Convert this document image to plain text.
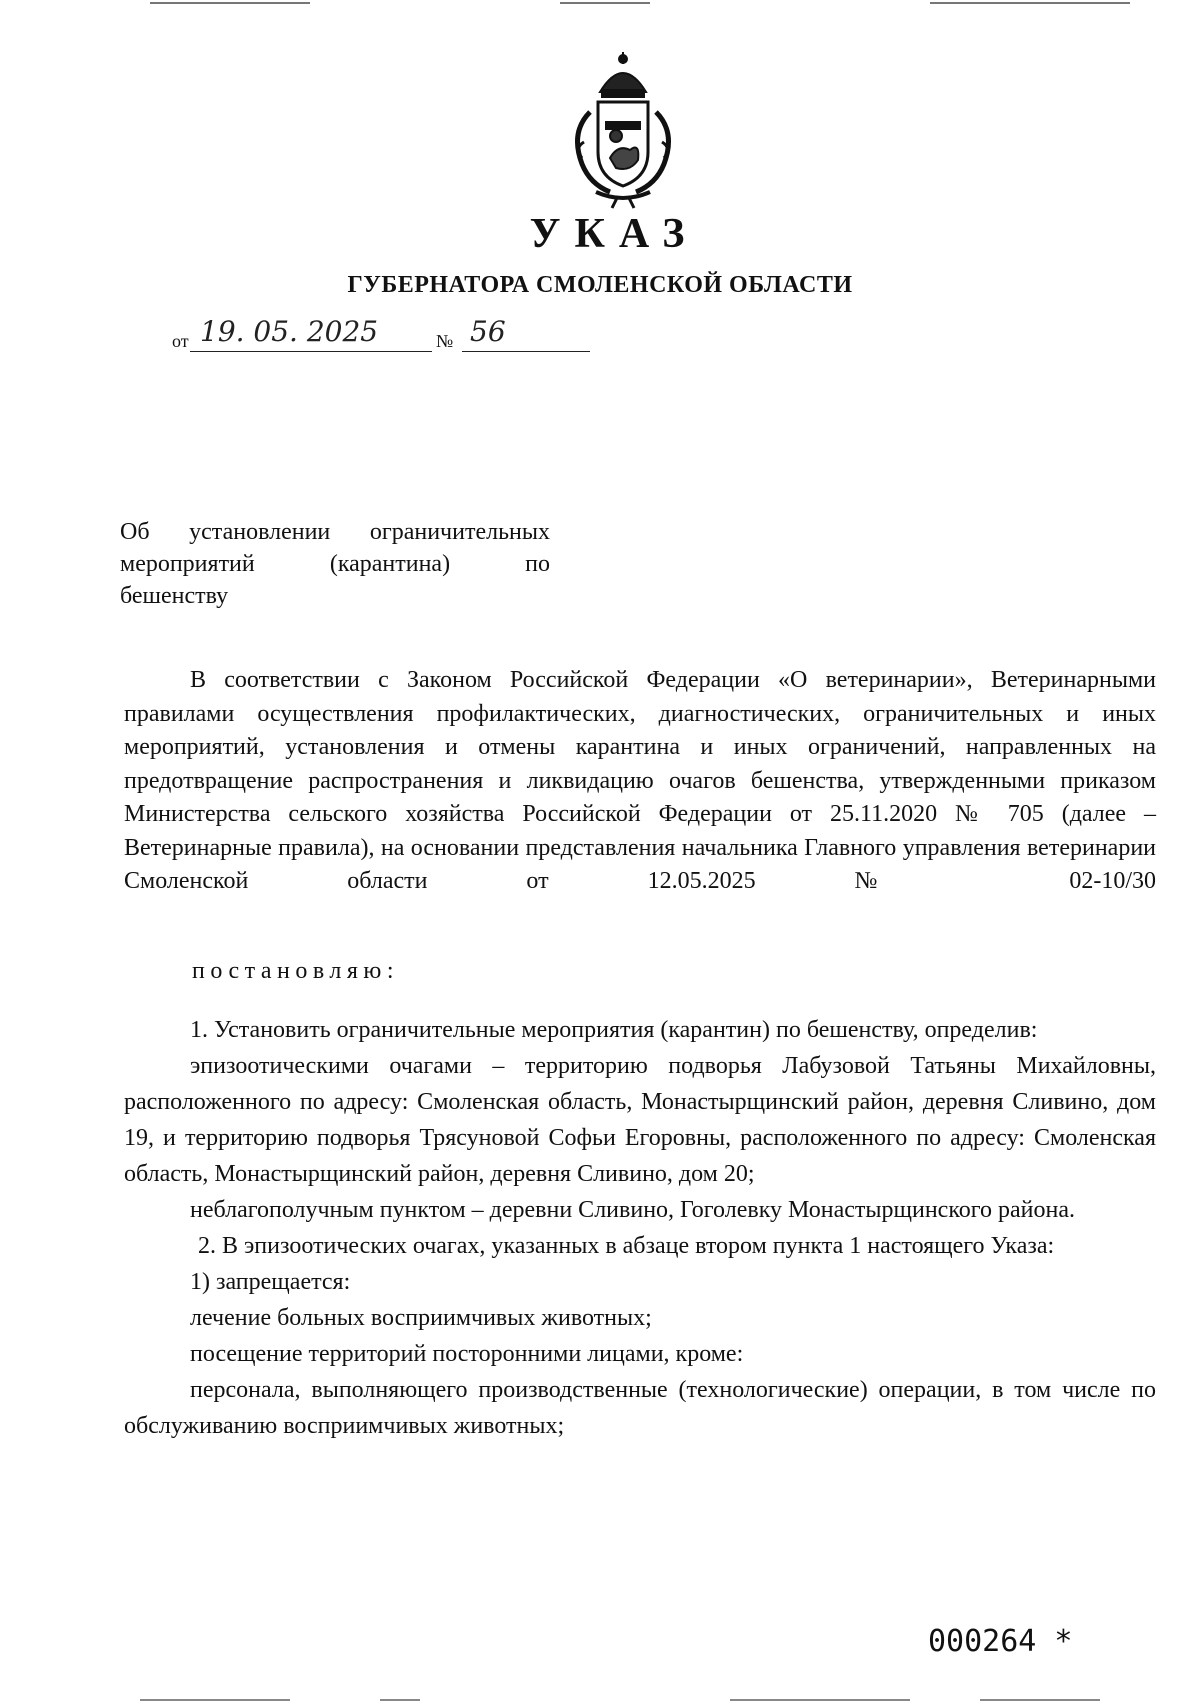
УКАЗ
ГУБЕРНАТОРА СМОЛЕНСКОЙ ОБЛАСТИ
от 19. 05. 2025	№ 56
Об установлении ограничительных
мероприятий (карантина) по
бешенству
В соответствии с Законом Российской Федерации «О ветеринарии», Ветеринарными правилами осуществления профилактических, диагностических, ограничительных и иных мероприятий, установления и отмены карантина и иных ограничений, направленных на предотвращение распространения и ликвидацию очагов бешенства, утвержденными приказом Министерства сельского хозяйства Российской Федерации от 25.11.2020 № 705 (далее – Ветеринарные правила), на основании представления начальника Главного управления ветеринарии Смоленской области от 12.05.2025 № 02-10/30
постановляю:
1. Установить ограничительные мероприятия (карантин) по бешенству, определив:
эпизоотическими очагами – территорию подворья Лабузовой Татьяны Михайловны, расположенного по адресу: Смоленская область, Монастырщинский район, деревня Сливино, дом 19, и территорию подворья Трясуновой Софьи Егоровны, расположенного по адресу: Смоленская область, Монастырщинский район, деревня Сливино, дом 20;
неблагополучным пунктом – деревни Сливино, Гоголевку Монастырщинского района.
2. В эпизоотических очагах, указанных в абзаце втором пункта 1 настоящего Указа:
1) запрещается:
лечение больных восприимчивых животных;
посещение территорий посторонними лицами, кроме:
персонала, выполняющего производственные (технологические) операции, в том числе по обслуживанию восприимчивых животных;
000264 *
